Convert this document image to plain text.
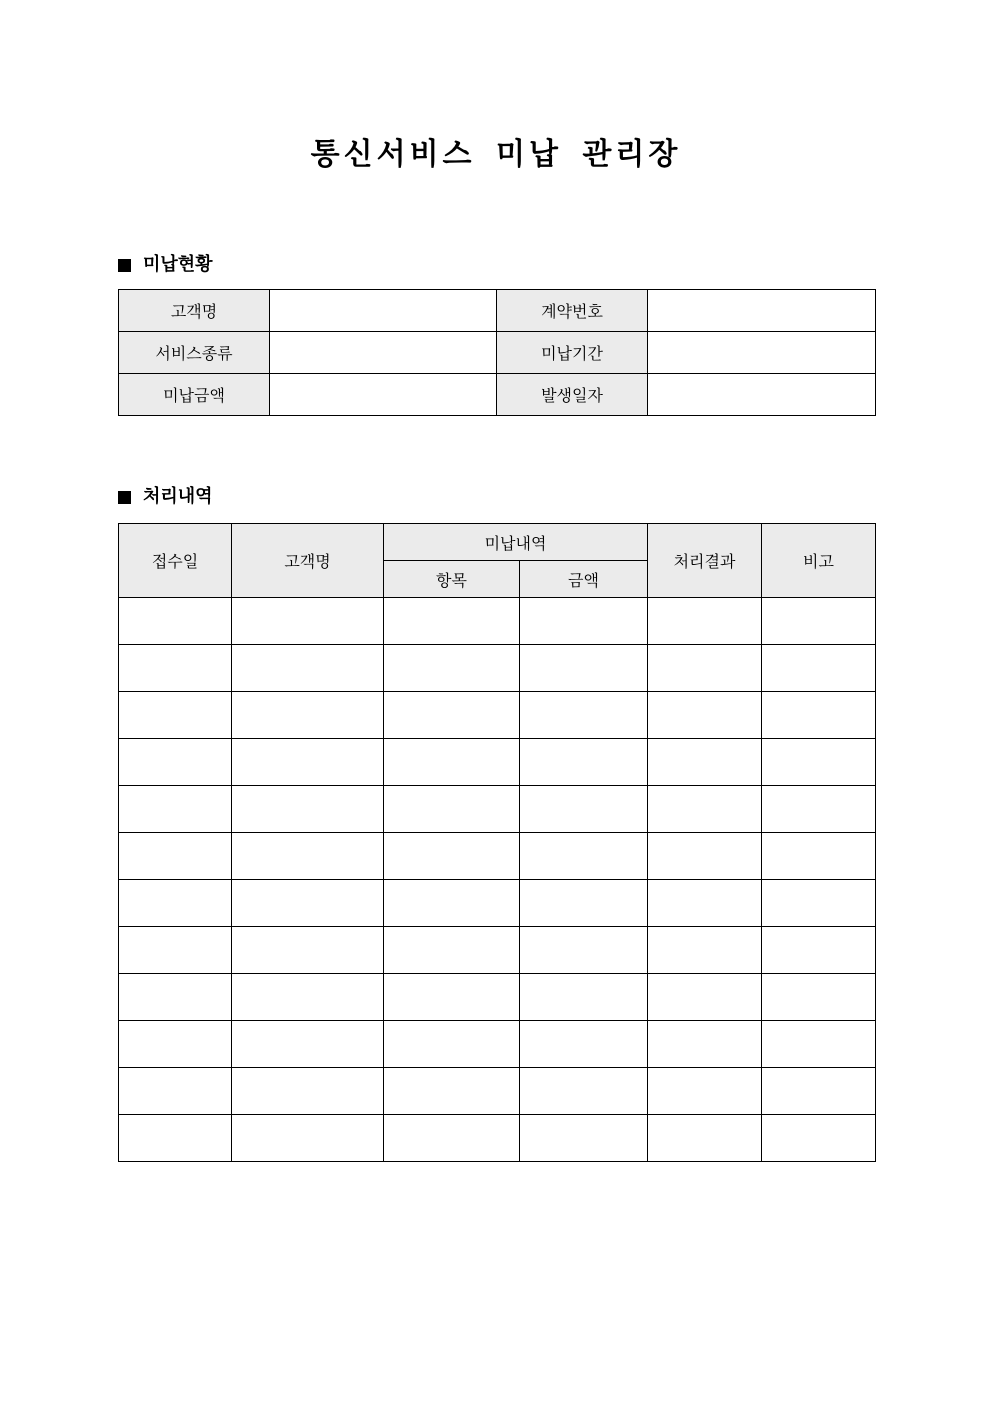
통신서비스 미납 관리장
미납현황
고객명		계약번호	
서비스종류		미납기간	
미납금액		발생일자	
처리내역
접수일	고객명	미납내역		처리결과	비고
		항목	금액		
